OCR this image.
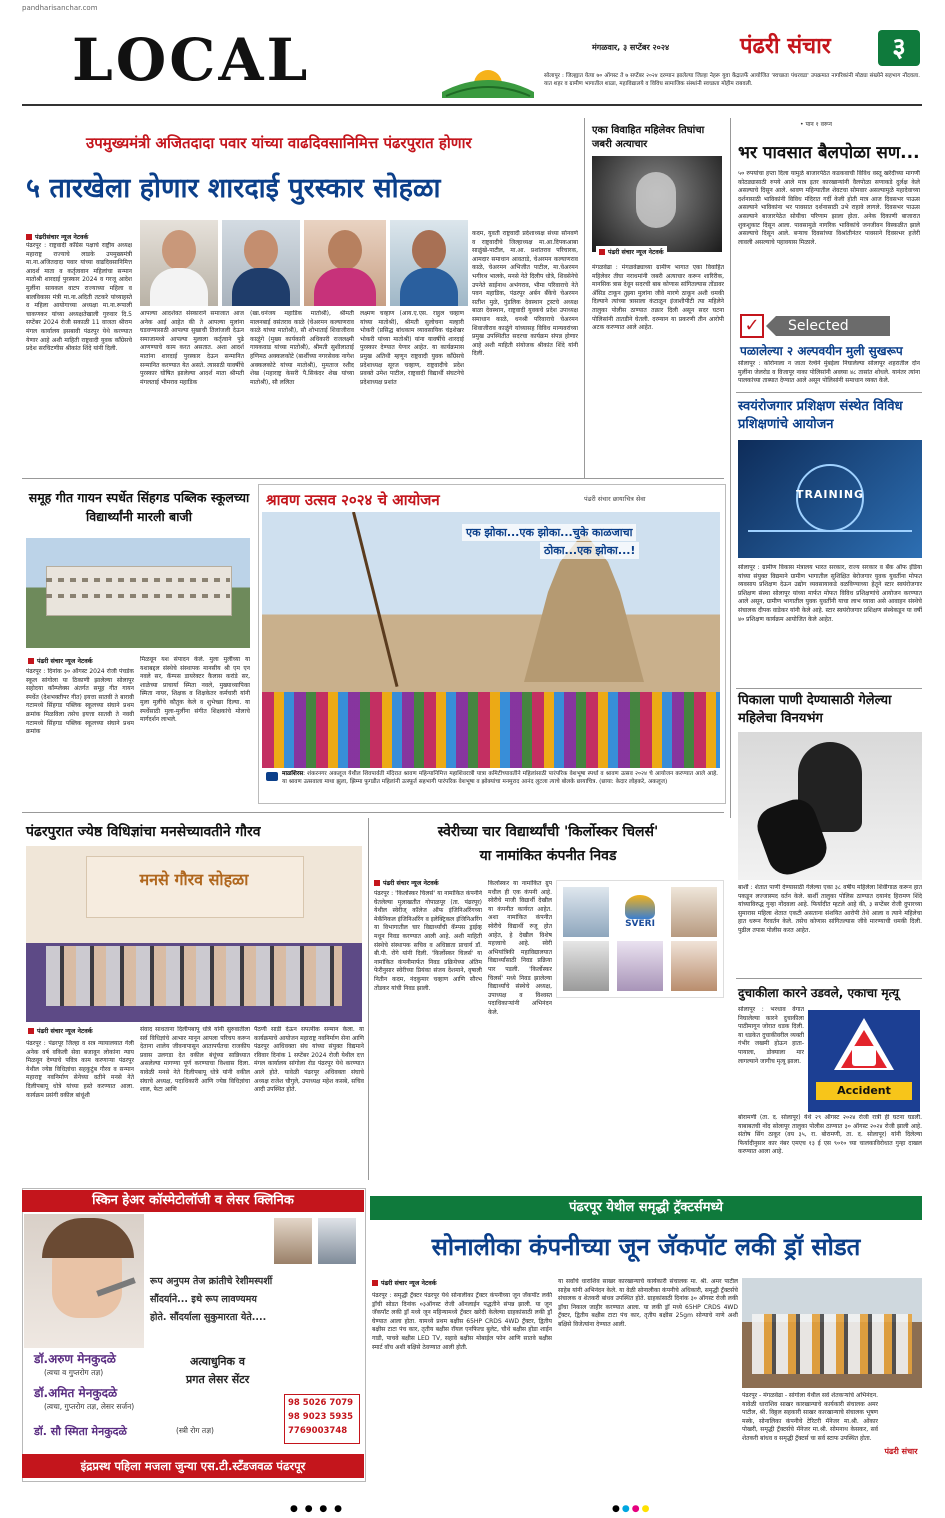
pandharisanchar.com
LOCAL	मंगळवार, ३ सप्टेंबर २०२४	पंढरी संचार	३
सोलापूर : जिल्ह्यात येत्या ७० ऑगस्ट ते ७ सप्टेंबर २०२४ दरम्यान झालेल्या जिल्हा नेहरू युवा केंद्रातर्फे आयोजित 'स्वच्छता पंधरवडा' उपक्रमात नागरिकांनी मोठ्या संख्येने सहभाग नोंदवला. यात शहर व ग्रामीण भागातील शाळा, महाविद्यालये व विविध सामाजिक संस्थांनी स्वच्छता मोहीम राबवली.
उपमुख्यमंत्री अजितदादा पवार यांच्या वाढदिवसानिमित्त पंढरपुरात होणार
५ तारखेला होणार शारदाई पुरस्कार सोहळा
पंढरीसंचार न्यूज नेटवर्क
पंढरपूर : राष्ट्रवादी काँग्रेस पक्षाचे राष्ट्रीय अध्यक्ष महाराष्ट्र राज्याचे लाडके उपमुख्यमंत्री मा.ना.अजितदादा पवार यांच्या वाढदिवसानिमित्त आदर्श माता व कर्तृत्ववान महिलांचा सन्मान मातोश्री शारदाई पुरस्कार 2024 व गरजू आदेश मुलींना सायकल वाटप राज्याच्या महिला व बालविकास मंत्री मा.ना.अदिती तटकरे यांच्याहस्ते व महिला आयोगाच्या अध्यक्षा मा.ना.रूपाली चाकणकर यांच्या अध्यक्षतेखाली गुरुवार दि.5 सप्टेंबर 2024 रोजी सकाळी 11 वाजता श्रीराम मंगल कार्यालय इसबावी पंढरपूर येथे करण्यात येणार आहे अशी माहिती राष्ट्रवादी युवक काँग्रेसचे प्रदेश सरचिटणीस श्रीकांत शिंदे यांनी दिली.
आपल्या आदर्शवत संस्काराने समाजात आज अनेक आई आहेत की ते आपल्या मुलांना घडवण्यासाठी आपल्या सुखाची तिलांजली देऊन समाजामध्ये आपल्या मुलाला कर्तृत्वाने पुढे आणण्याचे काम करत असतात. अशा आदर्श मातांना शारदाई पुरस्कार देऊन सन्मानित सन्मानित करण्यात येत असते. त्यासाठी यावर्षीचे पुरस्कार घोषित झालेल्या आदर्श माता श्रीमती मंगलताई भीमराव महाडिक
(खा.धनंजय महाडिक मातोश्री), श्रीमती मालनबाई वसंतराव काळे (चेअरमन कल्याणराव काळे यांच्या मातोश्री), सौ शोभाताई शिवाजीराव काळुंगे (मुख्य कार्यकारी अधिकारी राजलक्ष्मी गायकवाड यांच्या मातोश्री), श्रीमती सुशीलाताई हणिमठ अक्कलकोटे (बार्शीच्या नगरसेवक नागेश अक्कलकोटे यांच्या मातोश्री), मुमताज रशीद शेख (महाराष्ट्र केसरी पै.सिकंदर शेख यांच्या मातोश्री), सौ ललिता
लक्ष्मण चव्हाण (आय.ए.एस. राहुल चव्हाण यांच्या मातोश्री), श्रीमती सुलोचना मल्हारी भोकरी (प्रसिद्ध बांधकाम व्यावसायिक चंद्रशेखर भोकरी यांच्या मातोश्री) यांना यावर्षीचे शारदाई पुरस्कार देण्यात येणार आहेत. या कार्यक्रमास प्रमुख अतिथी म्हणून राष्ट्रवादी युवक काँग्रेसचे प्रदेशाध्यक्ष सूरज चव्हाण, राष्ट्रवादीचे प्रदेश प्रवक्ते उमेश पाटील, राष्ट्रवादी विद्यार्थी संघटनेचे प्रदेशाध्यक्ष प्रशांत
कदम, युवती राष्ट्रवादी प्रदेशाध्यक्ष संध्या सोनवणे व राष्ट्रवादीचे जिल्हाध्यक्ष मा.आ.दिपकआबा साळुंखे-पाटील, मा.आ. प्रशांतराव परिचारक, आमदार समाधान आवताडे, चेअरमन कल्याणराव काळे, चेअरमन अभिजीत पाटील, मा.चेअरमन भगीरथ भालके, मनसे नेते दिलीप धोत्रे, शिवसेनेचे उपनेते साईनाथ अभंगराव, भीमा परिवाराचे नेते पवन महाडिक, पंढरपूर अर्बन बँकेचे चेअरमन सतीश मुळे, पुंडलिक देवस्थान ट्रस्टचे अध्यक्ष बाळा देवस्थान, राष्ट्रवादी युवकचे प्रदेश उपाध्यक्ष समाधान काळे, धनश्री परिवाराचे चेअरमन शिवाजीराव काळुंगे यांच्यासह विविध मान्यवरांच्या प्रमुख उपस्थितीत सदरचा कार्यक्रम संपन्न होणार आहे अशी माहिती संयोजक श्रीकांत शिंदे यांनी दिली.
एका विवाहित महिलेवर तिघांचा जबरी अत्याचार
पंढरी संचार न्यूज नेटवर्क
मंगळवेढा : मंगळवेढ्याच्या ग्रामीण भागात एका विवाहित महिलेवर तीघा नराधमांनी जबरी अत्याचार करून शारिरीक, मानसिक त्रास देवून सदरची बाब कोणास सांगितल्यास तोंडावर ॲसिड टाकून तुझ्या मुलांना जीवे मारणे ठाकून अशी धमकी दिल्याने त्यांच्या त्रासाला कंटाळून इंजाशीपीटी त्या महिलेने तालुका पोलीस ठाण्यात तक्रार दिली असून सदर घटना पोलिसांनी तातडीने घेतली. दरम्यान या प्रकरणी तीन आरोपी अटक करण्यात आले आहेत.
• पान १ वरून
भर पावसात बैलपोळा सण...
५० रुपयांचा हप्ता दिला यामुळे बाजारपेठेत कडकवाची विविध वस्तू खरेदीच्या मागणी कोठड्यासाठी रुपये आले मात्र इतर कारखान्यांनी वैलपोळा सणाकडे दुर्लक्ष केले असल्याचे दिसून आले. श्रावण महिन्यातील शेवटचा सोमवार असल्यामुळे महादेवाच्या दर्शनासाठी भाविकांनी विविध मंदिरात गर्दी केली होती मात्र आज दिवसभर पाऊस असल्याने भाविकांना भर पावसात दर्शनासाठी उभे राहावे लागले. दिवसभर पाऊस असल्याने बाजारपेठेत सोयीचा परिणाम झाला होता. अनेक दिकाणी बाजारात शुकशुकाट दिसून आला. पावसामुळे नागरिक भाविकांचे जनजीवन विस्कळीत झाले असल्याचे दिसून आले. बऱ्याच दिवसांच्या विश्रांतीनंतर पावसाने दिवसभर हजेरी लावली असल्याचे पहावयास मिळाले.
✓	Selected
पळालेल्या २ अल्पवयीन मुली सुखरूप
सोलापूर : कोरोनाला न जाता रेल्वेने मुंबईला निघालेल्या सोलापूर शहरातील दोन मुलींना जेलरोड व विजापूर नाका पोलिसांनी अवघ्या ४८ तासांत शोधले. यानंतर त्यांना पालकांच्या ताब्यात देण्यात आले असून पोलिसांनी समाधान व्यक्त केले.
स्वयंरोजगार प्रशिक्षण संस्थेत विविध प्रशिक्षणांचे आयोजन
TRAINING
सोलापूर : ग्रामीण विकास मंत्रालय भारत सरकार, राज्य सरकार व बँक ऑफ इंडिया यांच्या संयुक्त विद्यमाने ग्रामीण भागातील सुशिक्षित बेरोजगार युवक युवतींना मोफत व्यवसाय प्रशिक्षण देऊन उद्योग व्यवसायाकडे वळविण्याच्या हेतूने स्टार स्वयंरोजगार प्रशिक्षण संस्था सोलापूर यांच्या मार्फत मोफत विविध प्रशिक्षणांचे आयोजन करण्यात आले असून, ग्रामीण भागातील युवक युवतींनी याचा लाभ घ्यावा असे आवाहन संस्थेचे संचालक दीपक वाडेकर यांनी केले आहे. स्टार स्वयंरोजगार प्रशिक्षण संस्थेकडून या वर्षी ४० प्रशिक्षण कार्यक्रम आयोजित केले आहेत.
पिकाला पाणी देण्यासाठी गेलेल्या महिलेचा विनयभंग
बार्शी : शेतात पाणी देण्यासाठी गेलेल्या एका ३८ वर्षीय महिलेला शिवीगाळ करून हात पकडून लज्जास्पद वर्तन केले. बार्शी तालुका पोलिस ठाण्यात दयानंद हिरामण शिंदे यांच्याविरुद्ध गुन्हा नोंदवला आहे. फिर्यादीत म्हटले आहे की, ३ सप्टेंबर रोजी दुपारच्या सुमारास महिला शेतात एकटी असताना संशयित आरोपी तेथे आला व त्याने महिलेचा हात धरून गैरवर्तन केले. तसेच कोणास सांगितल्यास जीवे मारण्याची धमकी दिली. पुढील तपास पोलीस करत आहेत.
दुचाकीला कारने उडवले, एकाचा मृत्यू
सोलापूर : भरधाव वेगात निघालेल्या कारने दुचाकीला पाठीमागून जोरात धडक दिली. या धडकेत दुचाकीवरील व्यक्ती गंभीर जखमी होऊन हाता-पायाला, डोक्याला मार लागल्याने जागीच मृत्यू झाला.
Accident
बोरामणी (ता. द. सोलापूर) येथे २९ ऑगस्ट २०२४ रोजी रात्री ही घटना घडली. याबाबतची नोंद सोलापूर तालुका पोलीस ठाण्यात ३० ऑगस्ट २०२४ रोजी झाली आहे. संतोष सिंग ठाकूर (वय ३५, रा. बोरामणी, ता. द. सोलापूर) यांनी दिलेल्या फिर्यादीनुसार कार नंबर एमएच १३ ई एस ९०१० च्या चालकाविरोधात गुन्हा दाखल करण्यात आला आहे.
समूह गीत गायन स्पर्धेत सिंहगड पब्लिक स्कूलच्या विद्यार्थ्यांनी मारली बाजी
पंढरी संचार न्यूज नेटवर्क
पंढरपूर : दिनांक ३० ऑगस्ट 2024 रोजी पंचडेक स्कूल सांगोला या ठिकाणी झालेल्या सोलापूर सहोदया कॉम्प्लेक्स अंतर्गत समूह गीत गायन स्पर्धेत (देशभक्तीपर गीत) इयत्ता सातवी ते बारावी गटामध्ये सिंहगड पब्लिक स्कूलच्या संघाने प्रथम क्रमांक मिळविला तसेच इयत्ता सातवी ते नववी गटामध्ये सिंहगड पब्लिक स्कूलच्या संघाने प्रथम क्रमांक
मिळवून यश संपादन केले. मुला मुलींच्या या यशाबद्दल संस्थेचे संस्थापक मानसीय श्री एम एन नवले सर, कॅम्पस डायरेक्टर कैलास करांडे सर, शाळेच्या प्राचार्या स्मिता नवले, मुख्याध्यापिका स्मिता नायर, शिक्षक व शिक्षकेतर कर्मचारी यांनी मुला मुलींचे कौतुक केले व शुभेच्छा दिल्या. या स्पर्धेसाठी मुला-मुलींना संगीत शिक्षकांचे मोलाचे मार्गदर्शन लाभले.
श्रावण उत्सव २०२४ चे आयोजन	पंढरी संचार छायाचित्र सेवा
एक झोका...एक झोका...चुके काळजाचा
ठोका...एक झोका...!
माळशिरस: शंकरनगर अकलूज येथील शिवपार्वती मंदिरात श्रावण महिन्यानिमित्त महाशिवरात्री यात्रा कमिटीच्यावतीने महिलांसाठी पारंपरिक वेशभूषा स्पर्धा व श्रावण उत्सव २०२४ चे आयोजन करण्यात आले आहे. या श्रावण उत्सवाला माथा झुला, झिम्मा फुगडीत महिलांनी उत्स्फूर्त सहभागी पारंपरिक वेशभूषा व झोक्यांचा मनमुराद आनंद लुटला त्याचे बोलके छायाचित्र. (छाया: केदार लोहकरे, अकलूज)
पंढरपुरात ज्येष्ठ विधिज्ञांचा मनसेच्यावतीने गौरव
मनसे गौरव सोहळा
पंढरी संचार न्यूज नेटवर्क
पंढरपूर : पंढरपूर जिल्हा व सत्र न्यायालयात गेली अनेक वर्ष वकिली सेवा बजावून लोकांना न्याय मिळवून देण्याचे पवित्र काम करणाऱ्या पंढरपूर येथील ज्येष्ठ विधिज्ञांचा सहकुटुंब गौरव व सन्मान महाराष्ट्र नवनिर्माण सेनेच्या वतीने मनसे नेते दिलीपबापू धोत्रे यांच्या हस्ते करण्यात आला. कार्यक्रम प्रसंगी वकील बांधूंशी
संवाद साधताना दिलीपबापू धोत्रे यांनी सुरुवातीला सर्व विधिज्ञांचे आभार मानून आपला परिचय करून देताना शालेय जीवनापासून आतापर्यंतचा राजकीय प्रवास उलगडा देत वकील बंधूंच्या सान्निध्यात असलेल्या मागण्या पूर्ण करण्याचा विश्वास दिला. यावेळी मनसे नेते दिलीपबापू धोत्रे यांनी वकील संघाचे अध्यक्ष, पदाधिकारी आणि ज्येष्ठ विधिज्ञांचा शाल, फेटा आणि
पैठणी साडी देऊन सपत्नीक सन्मान केला. या कार्यक्रमाचे आयोजन महाराष्ट्र नवनिर्माण सेना आणि पंढरपूर आधिवक्ता संघ यांच्या संयुक्त विद्यमाने रविवार दिनांक 1 सप्टेंबर 2024 रोजी येथील दत्त मंगल कार्यालय सांगोला रोड पंढरपूर येथे करण्यात आले होते. यावेळी पंढरपूर अधिवक्ता संघाचे अध्यक्ष राजेश चौगुले, उपाध्यक्ष महेश कसबे, सचिव आदी उपस्थित होते.
स्वेरीच्या चार विद्यार्थ्यांची 'किर्लोस्कर चिलर्स'
या नामांकित कंपनीत निवड
पंढरी संचार न्यूज नेटवर्क
पंढरपूर : 'किर्लोस्कर चिलर्स' या नामांकित कंपनीने घेतलेल्या मुलाखतीत गोपाळपूर (ता. पंढरपूर) येथील स्वेरीज् कॉलेज ऑफ इंजिनिअरिंगच्या मेकॅनिकल इंजिनिअरिंग व इलेक्ट्रिकल इंजिनिअरिंग या विभागातील चार विद्यार्थ्यांची कॅम्पस ड्राईव्ह मधून निवड करण्यात आली आहे. अशी माहिती संस्थेचे संस्थापक सचिव व अधिष्ठाता प्राचार्य डॉ. बी.पी. रोंगे यांनी दिली. 'किर्लोस्कर चिलर्स' या नामांकित कंपनीमार्फत निवड प्रक्रियेच्या अंतिम फेरीनुसार स्वेरीच्या प्रियंका संजय देशमाने, वृषाली नितीन कदम, नंदकुमार चव्हाण आणि सौरभ तोंडकर यांची निवड झाली.
किर्लोस्कर या नामांकित ग्रुप मधील ही एक कंपनी आहे. स्वेरीचे माजी विद्यार्थी देखील या कंपनीत कार्यरत आहेत. अशा नामांकित कंपनीत स्वेरीचे विद्यार्थी रुजू होत आहेत, हे देखील विशेष महत्त्वाचे आहे. स्वेरी अभियांत्रिकी महाविद्यालयात विद्यार्थ्यांसाठी निवड प्रक्रिया पार पडली. 'किर्लोस्कर चिलर्स' मध्ये निवड झालेल्या विद्यार्थ्यांचे संस्थेचे अध्यक्ष, उपाध्यक्ष व विश्वस्त पदाधिकाऱ्यांनी अभिनंदन केले.
SVERI
स्किन हेअर कॉस्मेटोलॉजी व लेसर क्लिनिक
रूप अनुपम तेज क्रांतीचे रेशीमस्पर्शी
सौंदर्याने... इथे रूप लावण्यमय
होते. सौंदर्याला सुकुमारता येते....
डॉ.अरुण मेनकुदळे
(त्वचा व गुप्तरोग तज्ञ)
डॉ.अमित मेनकुदळे
(त्वचा, गुप्तरोग तज्ञ, लेसर सर्जन)
डॉ. सौ स्मिता मेनकुदळे	(स्त्री रोग तज्ञ)
अत्याधुनिक व
प्रगत लेसर सेंटर
98 5026 7079
98 9023 5935
7769003748
इंद्रप्रस्थ पहिला मजला जुन्या एस.टी.स्टँडजवळ पंढरपूर
पंढरपूर येथील समृद्धी ट्रॅक्टर्समध्ये
सोनालीका कंपनीच्या जून जॅकपॉट लकी ड्रॉ सोडत
पंढरी संचार न्यूज नेटवर्क
पंढरपूर : समृद्धी ट्रॅक्टर पंढरपूर येथे सोनालीका ट्रॅक्टर कंपनीच्या जून जॅकपॉट लकी ड्रॉची सोडत दिनांक ०३ऑगस्ट रोजी ऑनलाईन पद्धतीने संपन्न झाली. या जून जॅकपॉट लकी ड्रॉ मध्ये जून महिन्यामध्ये ट्रॅक्टर खरेदी केलेल्या ग्राहकांसाठी लकी ड्रॉ घेण्यात आला होता. यामध्ये प्रथम बक्षीस 65HP CRDS 4WD ट्रॅक्टर, द्वितीय बक्षीस टाटा पंच कार, तृतीय बक्षीस रॉयल एनफिल्ड बुलेट, चौथे बक्षीस होंडा शाईन गाडी, पाचवे बक्षीस LED TV, सहावे बक्षीस मोबाईल फोन आणि सातवे बक्षीस स्मार्ट वॉच अशी बक्षिसे ठेवण्यात आली होती.
या सर्वांचे धाराशिव साखर कारखान्याचे कार्यकारी संचालक मा. श्री. अमर पाटील साहेब यांनी अभिनंदन केले. या वेळी सोनालीका कंपनीचे अधिकारी, समृद्धी ट्रॅक्टर्सचे संचालक व शेतकरी बांधव उपस्थित होते. ग्राहकांसाठी दिनांक ३० ऑगस्ट रोजी लकी ड्रॉचा निकाल जाहीर करण्यात आला. या लकी ड्रॉ मध्ये 65HP CRDS 4WD ट्रॅक्टर, द्वितीय बक्षीस टाटा पंच कार, तृतीय बक्षीस 25gm सोन्याचे नाणे अशी बक्षिसे विजेत्यांना देण्यात आली.
पंढरपूर - मंगळवेढा - सांगोला येथील सर्व शेतकऱ्यांचे अभिनंदन. यावेळी धाराशिव साखर कारखान्याचे कार्यकारी संचालक अमर पाटील, श्री. विठ्ठल सहकारी साखर कारखान्याचे संचालक भूषण मस्के, सोनालिका कंपनीचे टेरिटरी मॅनेजर मा.श्री. ओंकार पोखरी, समृद्धी ट्रॅक्टर्सचे मॅनेजर मा.श्री. सोमनाथ केसकर, सर्व शेतकरी बांधव व समृद्धी ट्रॅक्टर्स चा सर्व स्टाफ उपस्थित होता.
पंढरी संचार
● ● ● ●	●●●●
